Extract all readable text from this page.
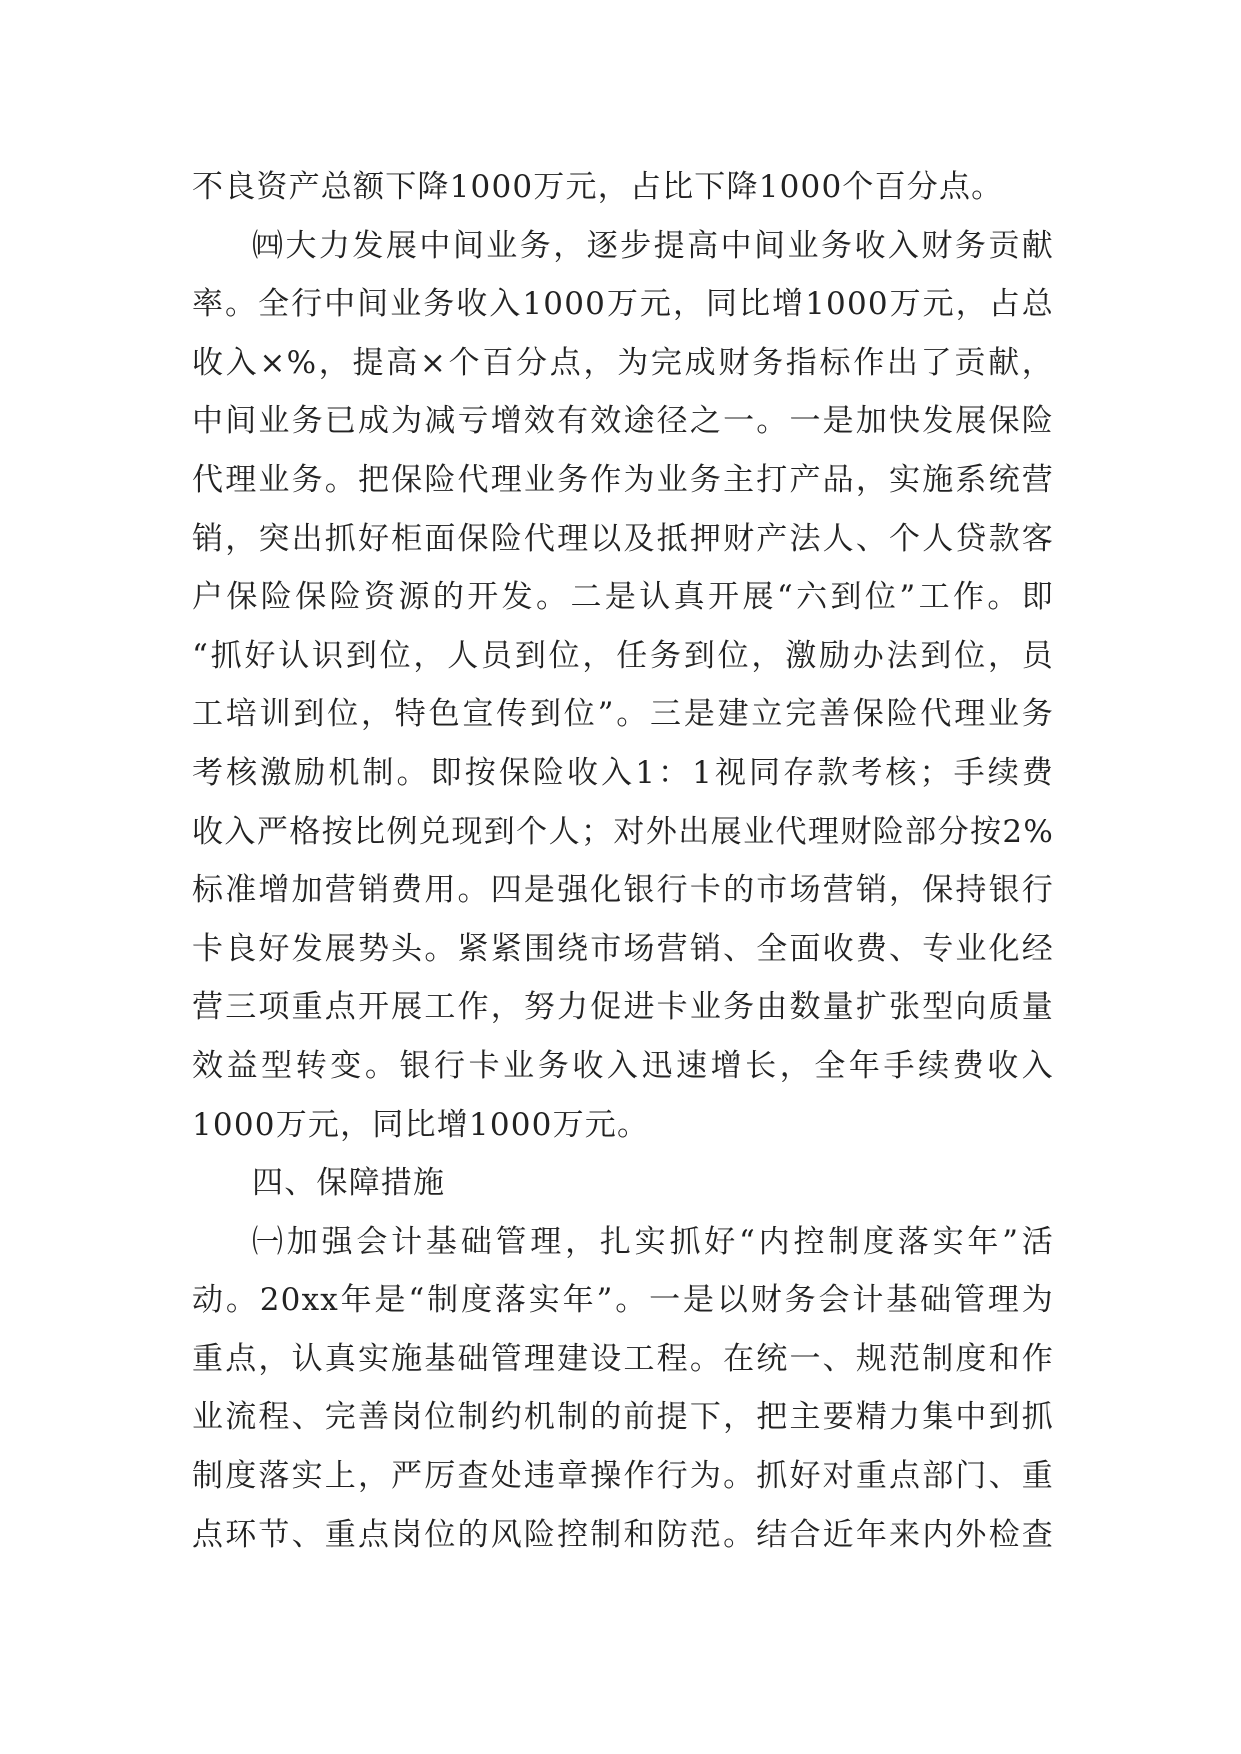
不良资产总额下降1000万元，占比下降1000个百分点。
㈣大力发展中间业务，逐步提高中间业务收入财务贡献
率。全行中间业务收入1000万元，同比增1000万元，占总
收入×%，提高×个百分点，为完成财务指标作出了贡献，
中间业务已成为减亏增效有效途径之一。一是加快发展保险
代理业务。把保险代理业务作为业务主打产品，实施系统营
销，突出抓好柜面保险代理以及抵押财产法人、个人贷款客
户保险保险资源的开发。二是认真开展“六到位”工作。即
“抓好认识到位，人员到位，任务到位，激励办法到位，员
工培训到位，特色宣传到位”。三是建立完善保险代理业务
考核激励机制。即按保险收入1：1视同存款考核；手续费
收入严格按比例兑现到个人；对外出展业代理财险部分按2%
标准增加营销费用。四是强化银行卡的市场营销，保持银行
卡良好发展势头。紧紧围绕市场营销、全面收费、专业化经
营三项重点开展工作，努力促进卡业务由数量扩张型向质量
效益型转变。银行卡业务收入迅速增长，全年手续费收入
1000万元，同比增1000万元。
四、保障措施
㈠加强会计基础管理，扎实抓好“内控制度落实年”活
动。20xx年是“制度落实年”。一是以财务会计基础管理为
重点，认真实施基础管理建设工程。在统一、规范制度和作
业流程、完善岗位制约机制的前提下，把主要精力集中到抓
制度落实上，严厉查处违章操作行为。抓好对重点部门、重
点环节、重点岗位的风险控制和防范。结合近年来内外检查
